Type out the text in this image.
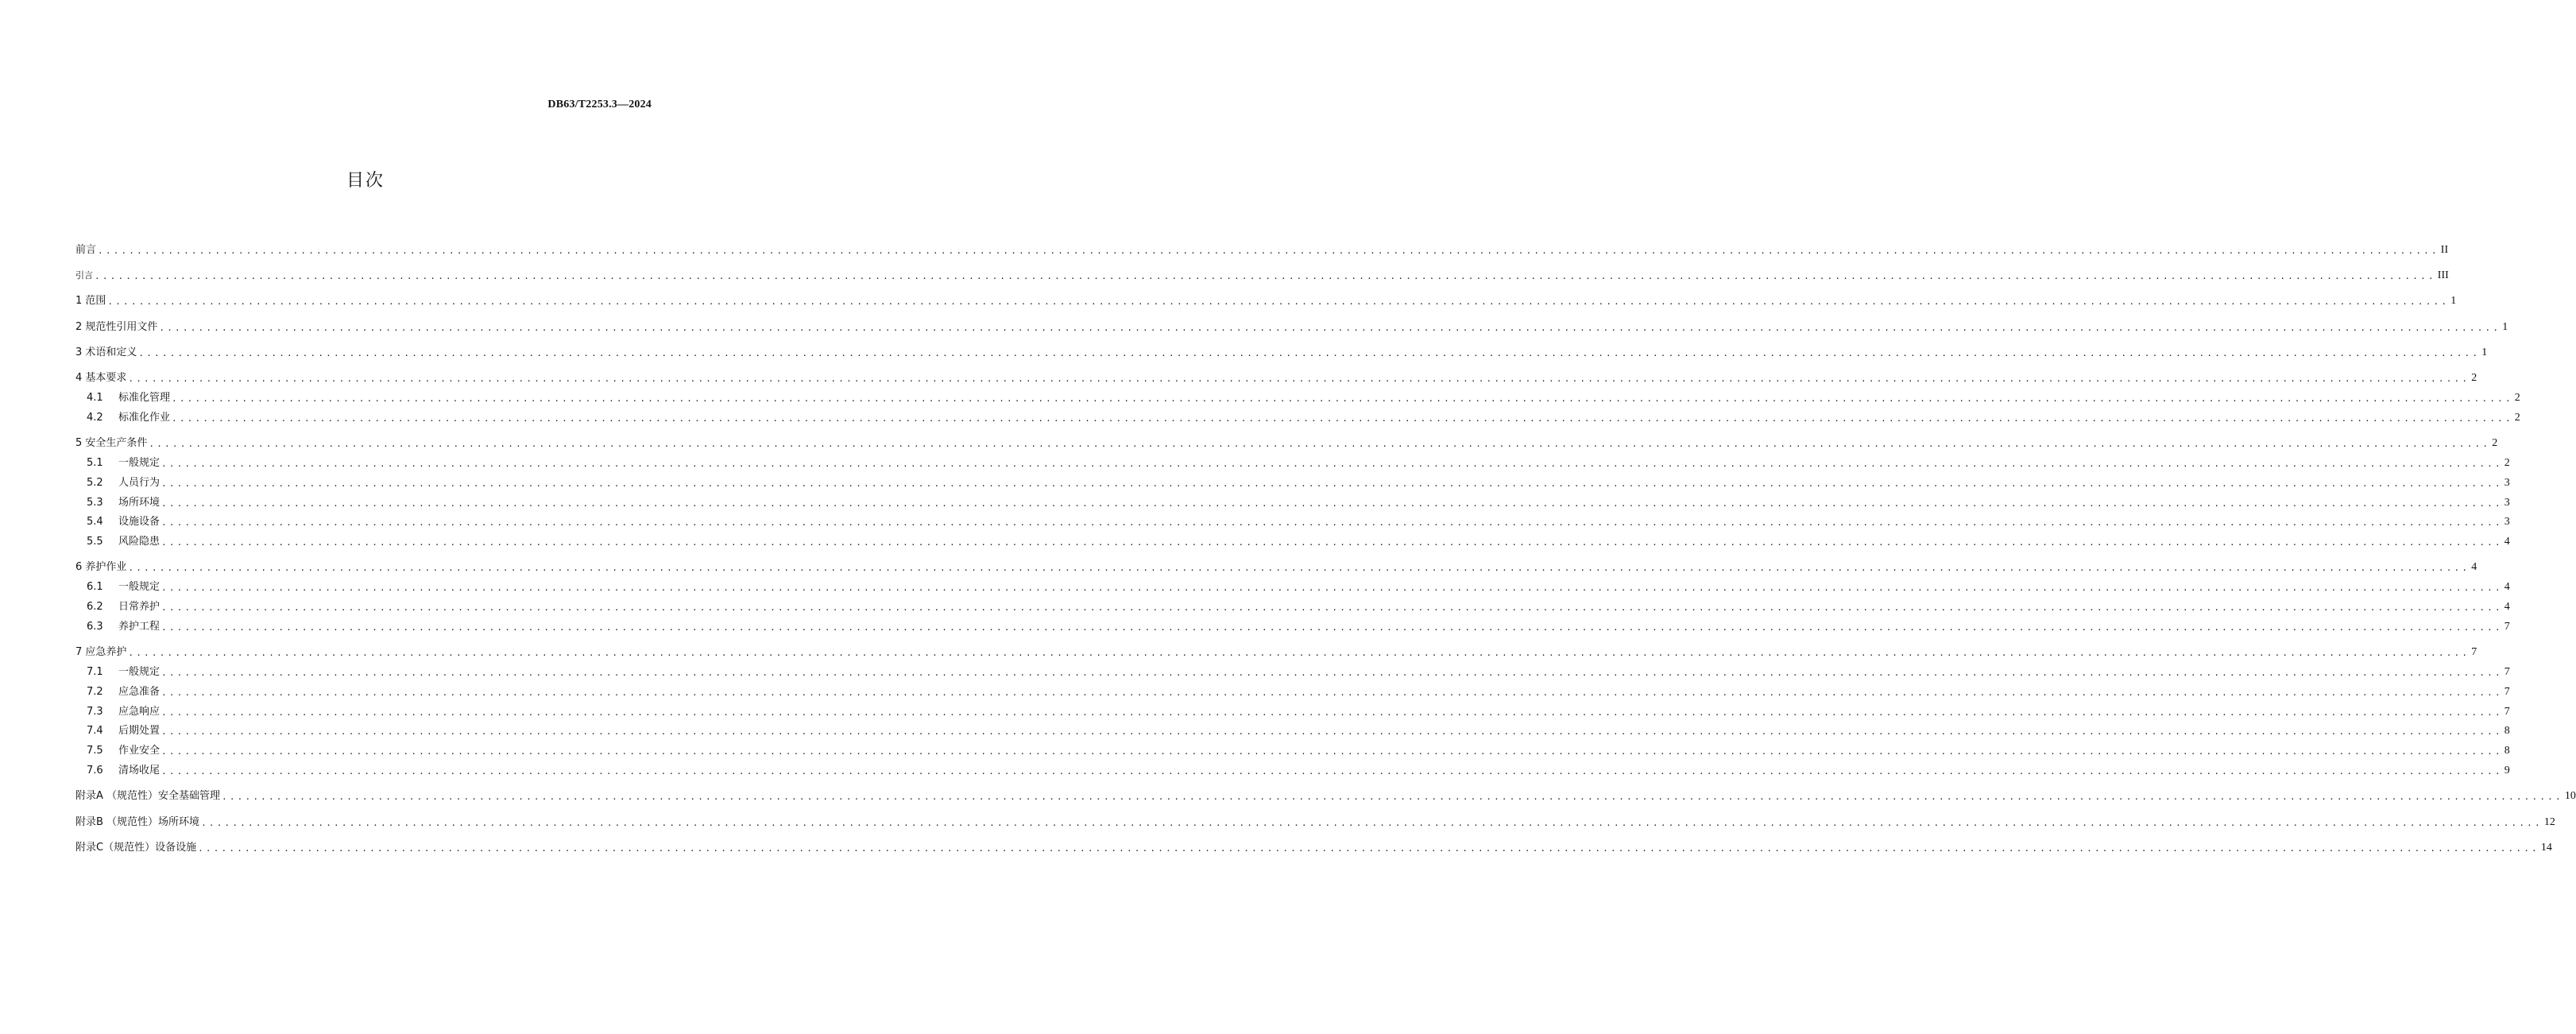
DB63/T2253.3—2024
目次
前言 ............................................................................................................................................................................................................................................................................................................ II
引言 ............................................................................................................................................................................................................................................................................................................ III
1 范围 ............................................................................................................................................................................................................................................................................................................ 1
2 规范性引用文件 ............................................................................................................................................................................................................................................................................................................ 1
3 术语和定义 ............................................................................................................................................................................................................................................................................................................ 1
4 基本要求 ............................................................................................................................................................................................................................................................................................................ 2
4.1 标准化管理 ............................................................................................................................................................................................................................................................................................................ 2
4.2 标准化作业 ............................................................................................................................................................................................................................................................................................................ 2
5 安全生产条件 ............................................................................................................................................................................................................................................................................................................ 2
5.1 一般规定 ............................................................................................................................................................................................................................................................................................................ 2
5.2 人员行为 ............................................................................................................................................................................................................................................................................................................ 3
5.3 场所环境 ............................................................................................................................................................................................................................................................................................................ 3
5.4 设施设备 ............................................................................................................................................................................................................................................................................................................ 3
5.5 风险隐患 ............................................................................................................................................................................................................................................................................................................ 4
6 养护作业 ............................................................................................................................................................................................................................................................................................................ 4
6.1 一般规定 ............................................................................................................................................................................................................................................................................................................ 4
6.2 日常养护 ............................................................................................................................................................................................................................................................................................................ 4
6.3 养护工程 ............................................................................................................................................................................................................................................................................................................ 7
7 应急养护 ............................................................................................................................................................................................................................................................................................................ 7
7.1 一般规定 ............................................................................................................................................................................................................................................................................................................ 7
7.2 应急准备 ............................................................................................................................................................................................................................................................................................................ 7
7.3 应急响应 ............................................................................................................................................................................................................................................................................................................ 7
7.4 后期处置 ............................................................................................................................................................................................................................................................................................................ 8
7.5 作业安全 ............................................................................................................................................................................................................................................................................................................ 8
7.6 清场收尾 ............................................................................................................................................................................................................................................................................................................ 9
附录A （规范性）安全基础管理 ............................................................................................................................................................................................................................................................................................................ 10
附录B （规范性）场所环境 ............................................................................................................................................................................................................................................................................................................ 12
附录C（规范性）设备设施 ............................................................................................................................................................................................................................................................................................................ 14
